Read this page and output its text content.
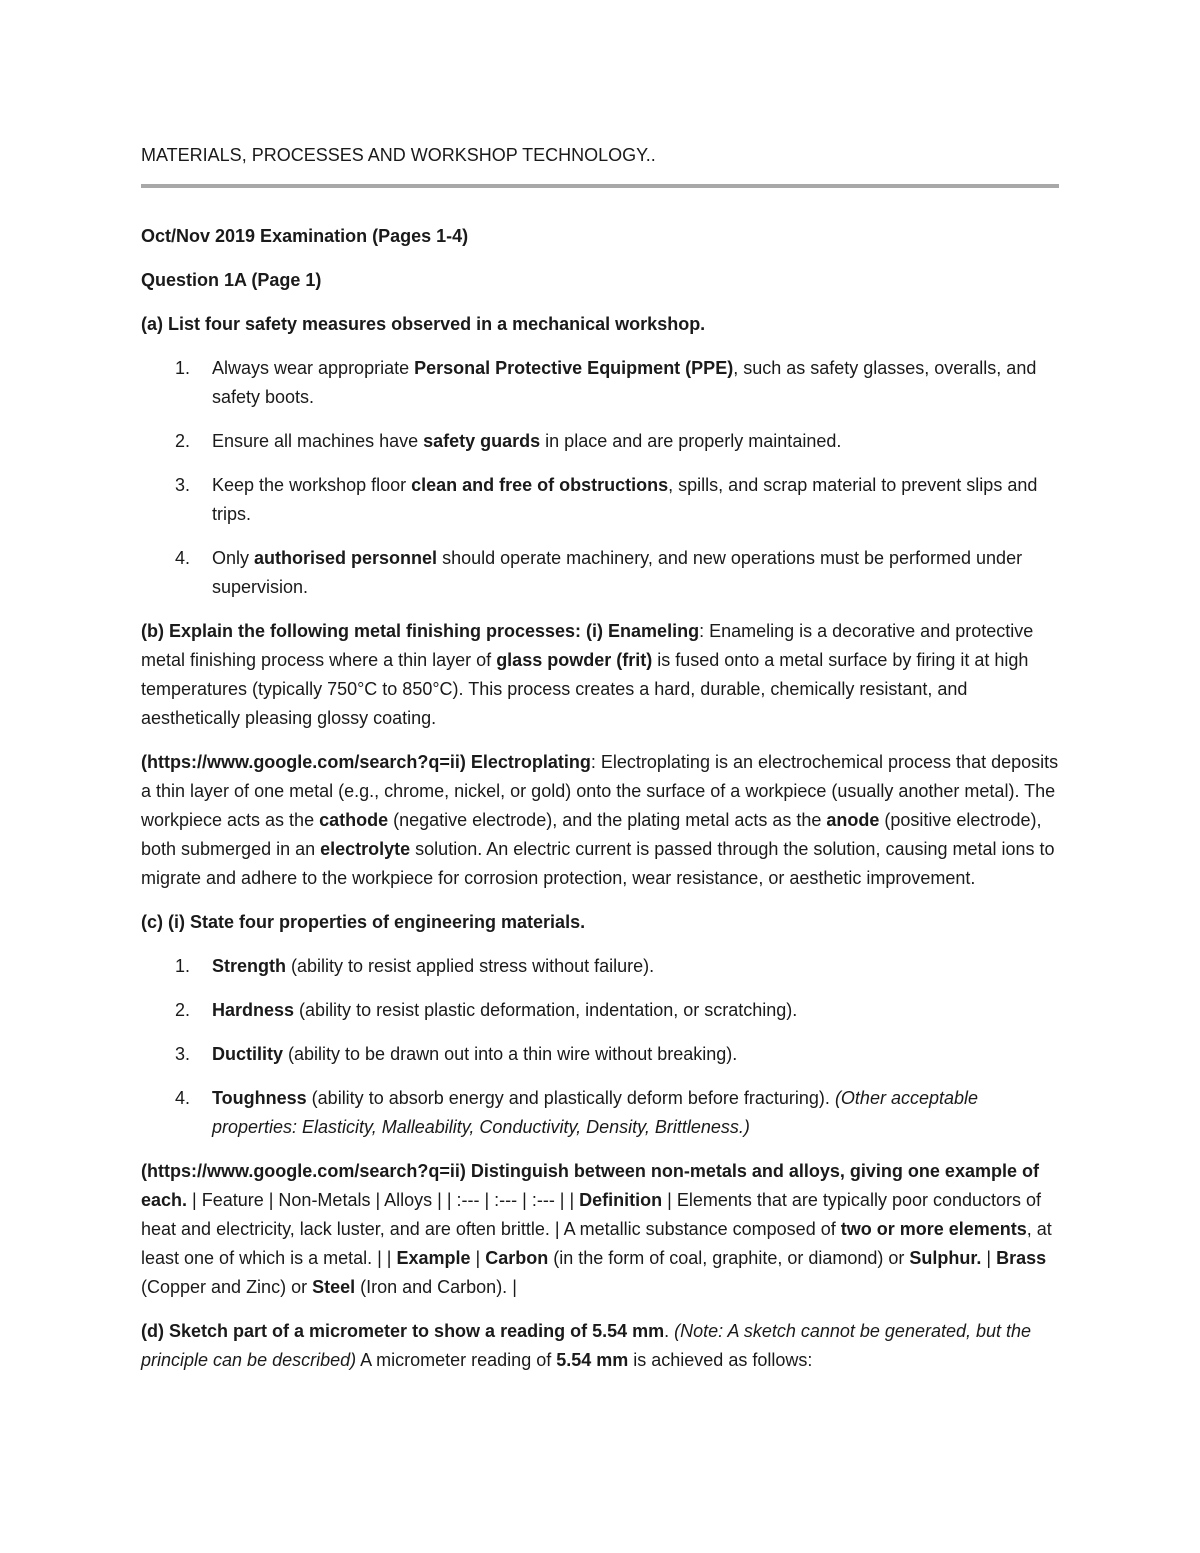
MATERIALS, PROCESSES AND WORKSHOP TECHNOLOGY..

Oct/Nov 2019 Examination (Pages 1-4)

Question 1A (Page 1)

(a) List four safety measures observed in a mechanical workshop.

1. Always wear appropriate Personal Protective Equipment (PPE), such as safety glasses, overalls, and safety boots.
2. Ensure all machines have safety guards in place and are properly maintained.
3. Keep the workshop floor clean and free of obstructions, spills, and scrap material to prevent slips and trips.
4. Only authorised personnel should operate machinery, and new operations must be performed under supervision.

(b) Explain the following metal finishing processes: (i) Enameling: Enameling is a decorative and protective metal finishing process where a thin layer of glass powder (frit) is fused onto a metal surface by firing it at high temperatures (typically 750°C to 850°C). This process creates a hard, durable, chemically resistant, and aesthetically pleasing glossy coating.

(https://www.google.com/search?q=ii) Electroplating: Electroplating is an electrochemical process that deposits a thin layer of one metal (e.g., chrome, nickel, or gold) onto the surface of a workpiece (usually another metal). The workpiece acts as the cathode (negative electrode), and the plating metal acts as the anode (positive electrode), both submerged in an electrolyte solution. An electric current is passed through the solution, causing metal ions to migrate and adhere to the workpiece for corrosion protection, wear resistance, or aesthetic improvement.

(c) (i) State four properties of engineering materials.

1. Strength (ability to resist applied stress without failure).
2. Hardness (ability to resist plastic deformation, indentation, or scratching).
3. Ductility (ability to be drawn out into a thin wire without breaking).
4. Toughness (ability to absorb energy and plastically deform before fracturing). (Other acceptable properties: Elasticity, Malleability, Conductivity, Density, Brittleness.)

(https://www.google.com/search?q=ii) Distinguish between non-metals and alloys, giving one example of each. | Feature | Non-Metals | Alloys | | :--- | :--- | :--- | | Definition | Elements that are typically poor conductors of heat and electricity, lack luster, and are often brittle. | A metallic substance composed of two or more elements, at least one of which is a metal. | | Example | Carbon (in the form of coal, graphite, or diamond) or Sulphur. | Brass (Copper and Zinc) or Steel (Iron and Carbon). |

(d) Sketch part of a micrometer to show a reading of 5.54 mm. (Note: A sketch cannot be generated, but the principle can be described) A micrometer reading of 5.54 mm is achieved as follows:
